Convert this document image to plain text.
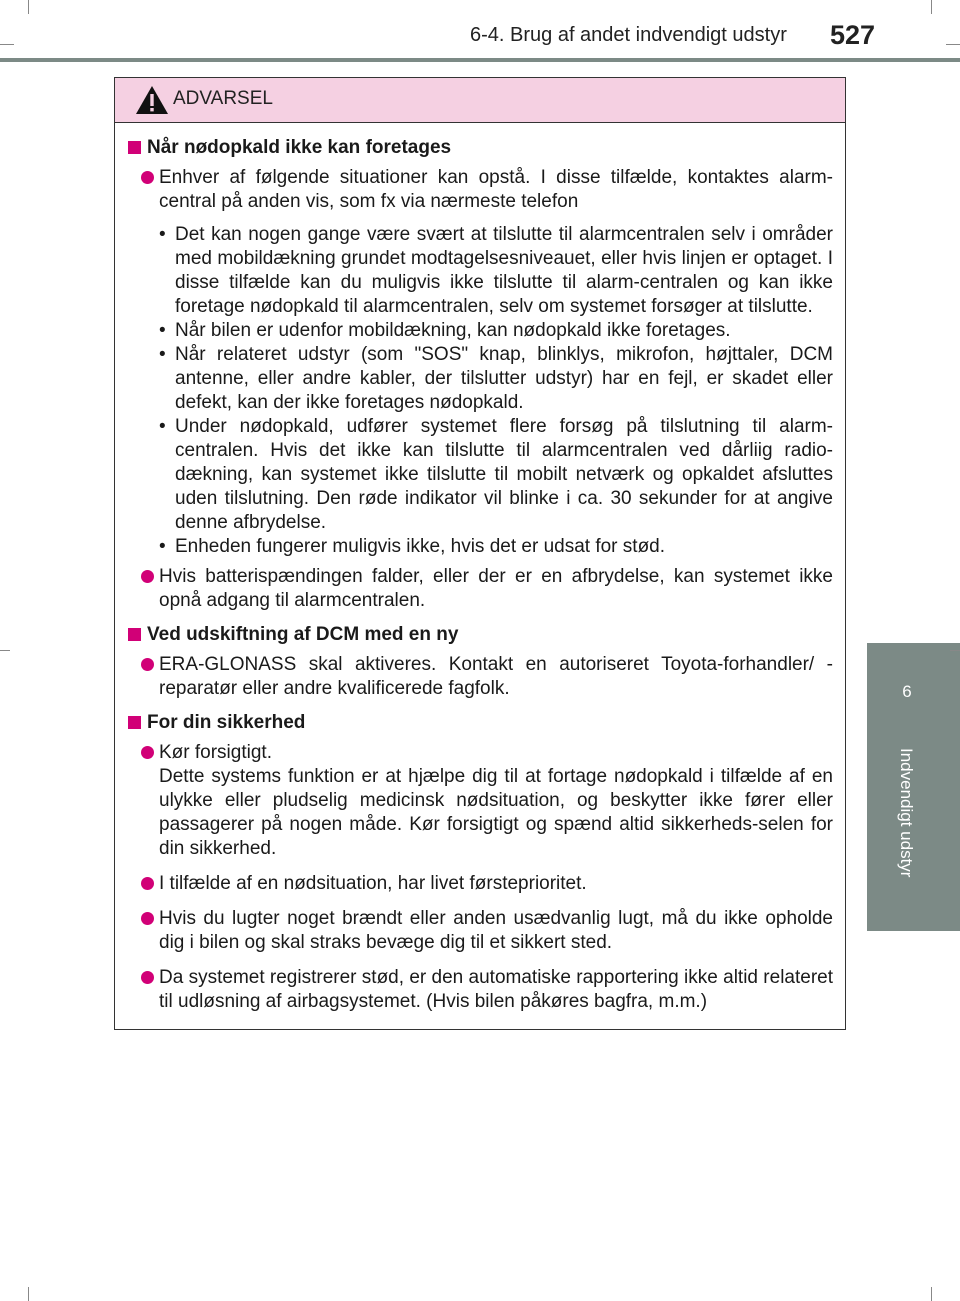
6-4. Brug af andet indvendigt udstyr 527
6
Indvendigt udstyr
ADVARSEL
Når nødopkald ikke kan foretages
Enhver af følgende situationer kan opstå. I disse tilfælde, kontaktes alarm-central på anden vis, som fx via nærmeste telefon
• Det kan nogen gange være svært at tilslutte til alarmcentralen selv i områder med mobildækning grundet modtagelsesniveauet, eller hvis linjen er optaget. I disse tilfælde kan du muligvis ikke tilslutte til alarm-centralen og kan ikke foretage nødopkald til alarmcentralen, selv om systemet forsøger at tilslutte.
• Når bilen er udenfor mobildækning, kan nødopkald ikke foretages.
• Når relateret udstyr (som "SOS" knap, blinklys, mikrofon, højttaler, DCM antenne, eller andre kabler, der tilslutter udstyr) har en fejl, er skadet eller defekt, kan der ikke foretages nødopkald.
• Under nødopkald, udfører systemet flere forsøg på tilslutning til alarm-centralen. Hvis det ikke kan tilslutte til alarmcentralen ved dårliig radio-dækning, kan systemet ikke tilslutte til mobilt netværk og opkaldet afsluttes uden tilslutning. Den røde indikator vil blinke i ca. 30 sekunder for at angive denne afbrydelse.
• Enheden fungerer muligvis ikke, hvis det er udsat for stød.
Hvis batterispændingen falder, eller der er en afbrydelse, kan systemet ikke opnå adgang til alarmcentralen.
Ved udskiftning af DCM med en ny
ERA-GLONASS skal aktiveres. Kontakt en autoriseret Toyota-forhandler/ -reparatør eller andre kvalificerede fagfolk.
For din sikkerhed
Kør forsigtigt.
Dette systems funktion er at hjælpe dig til at fortage nødopkald i tilfælde af en ulykke eller pludselig medicinsk nødsituation, og beskytter ikke fører eller passagerer på nogen måde. Kør forsigtigt og spænd altid sikkerheds-selen for din sikkerhed.
I tilfælde af en nødsituation, har livet førsteprioritet.
Hvis du lugter noget brændt eller anden usædvanlig lugt, må du ikke opholde dig i bilen og skal straks bevæge dig til et sikkert sted.
Da systemet registrerer stød, er den automatiske rapportering ikke altid relateret til udløsning af airbagsystemet. (Hvis bilen påkøres bagfra, m.m.)
